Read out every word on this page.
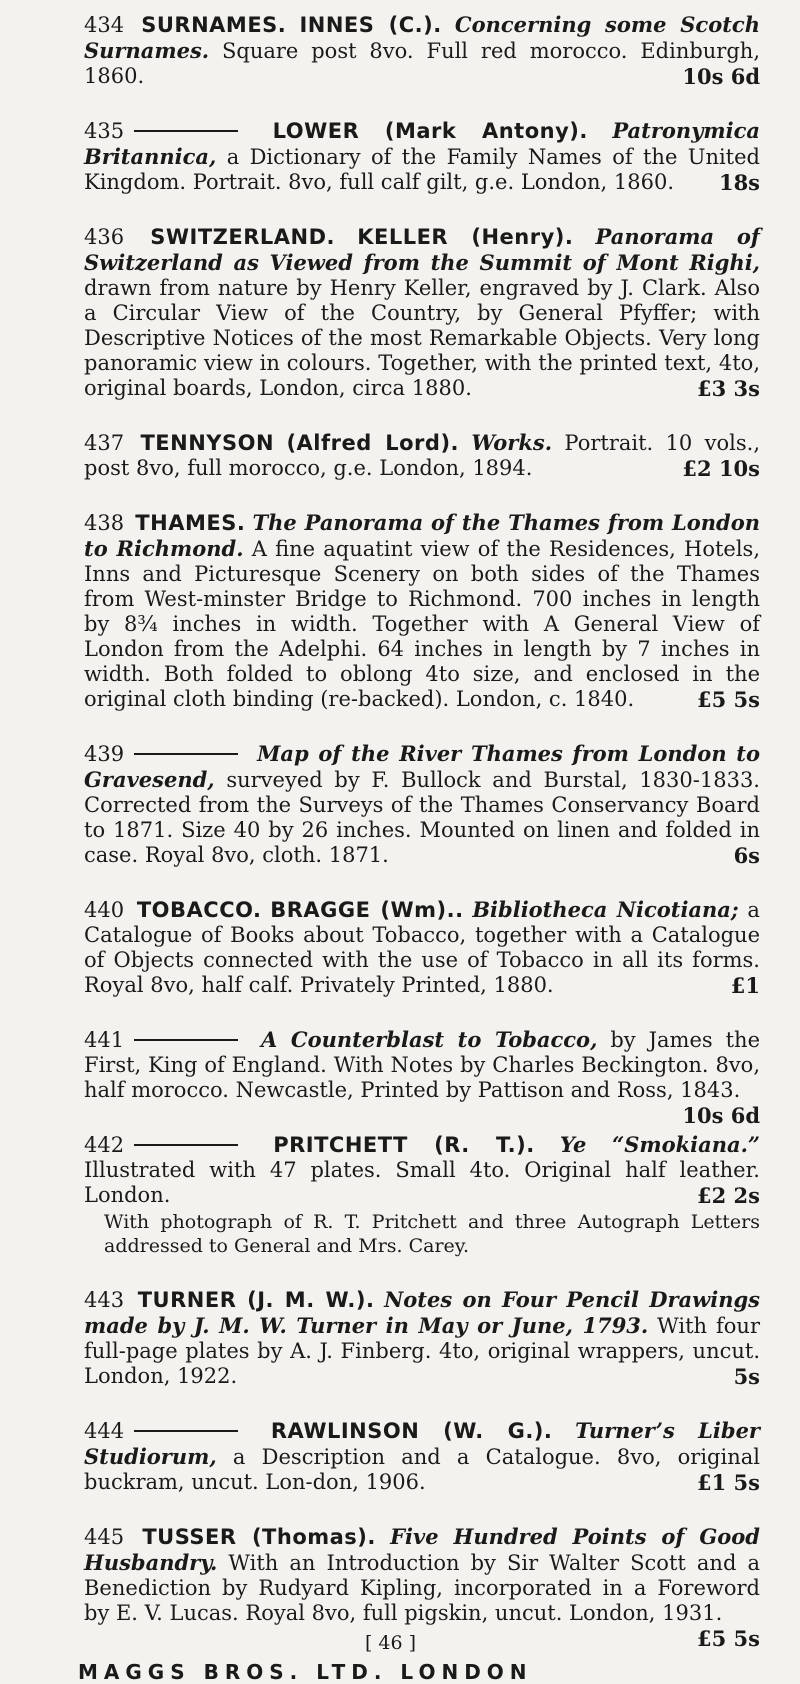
434 SURNAMES. INNES (C.). Concerning some Scotch Surnames. Square post 8vo. Full red morocco. Edinburgh, 1860.	10s 6d

435	LOWER (Mark Antony). Patronymica Britannica, a Dictionary of the Family Names of the United Kingdom. Portrait. 8vo, full calf gilt, g.e. London, 1860. 18s

436 SWITZERLAND. KELLER (Henry). Panorama of Switzerland as Viewed from the Summit of Mont Righi, drawn from nature by Henry Keller, engraved by J. Clark. Also a Circular View of the Country, by General Pfyffer; with Descriptive Notices of the most Remarkable Objects. Very long panoramic view in colours. Together, with the printed text, 4to, original boards, London, circa 1880.	£3 3s

437 TENNYSON (Alfred Lord). Works. Portrait. 10 vols., post 8vo, full morocco, g.e. London, 1894.	£2 10s

438 THAMES. The Panorama of the Thames from London to Richmond. A fine aquatint view of the Residences, Hotels, Inns and Picturesque Scenery on both sides of the Thames from West-minster Bridge to Richmond. 700 inches in length by 8¾ inches in width. Together with A General View of London from the Adelphi. 64 inches in length by 7 inches in width. Both folded to oblong 4to size, and enclosed in the original cloth binding (re-backed). London, c. 1840.	£5 5s

439	Map of the River Thames from London to Gravesend, surveyed by F. Bullock and Burstal, 1830-1833. Corrected from the Surveys of the Thames Conservancy Board to 1871. Size 40 by 26 inches. Mounted on linen and folded in case. Royal 8vo, cloth. 1871.	6s

440 TOBACCO. BRAGGE (Wm).. Bibliotheca Nicotiana; a Catalogue of Books about Tobacco, together with a Catalogue of Objects connected with the use of Tobacco in all its forms. Royal 8vo, half calf. Privately Printed, 1880.	£1

441	A Counterblast to Tobacco, by James the First, King of England. With Notes by Charles Beckington. 8vo, half morocco. Newcastle, Printed by Pattison and Ross, 1843.
10s 6d

442	PRITCHETT (R. T.). Ye “Smokiana.” Illustrated with 47 plates. Small 4to. Original half leather. London.	£2 2s
With photograph of R. T. Pritchett and three Autograph Letters addressed to General and Mrs. Carey.

443 TURNER (J. M. W.). Notes on Four Pencil Drawings made by J. M. W. Turner in May or June, 1793. With four full-page plates by A. J. Finberg. 4to, original wrappers, uncut. London, 1922.	5s

444	RAWLINSON (W. G.). Turner’s Liber Studiorum, a Description and a Catalogue. 8vo, original buckram, uncut. Lon-don, 1906.	£1 5s

445 TUSSER (Thomas). Five Hundred Points of Good Husbandry. With an Introduction by Sir Walter Scott and a Benediction by Rudyard Kipling, incorporated in a Foreword by E. V. Lucas. Royal 8vo, full pigskin, uncut. London, 1931.
£5 5s

[ 46 ]
MAGGS BROS. LTD. LONDON
